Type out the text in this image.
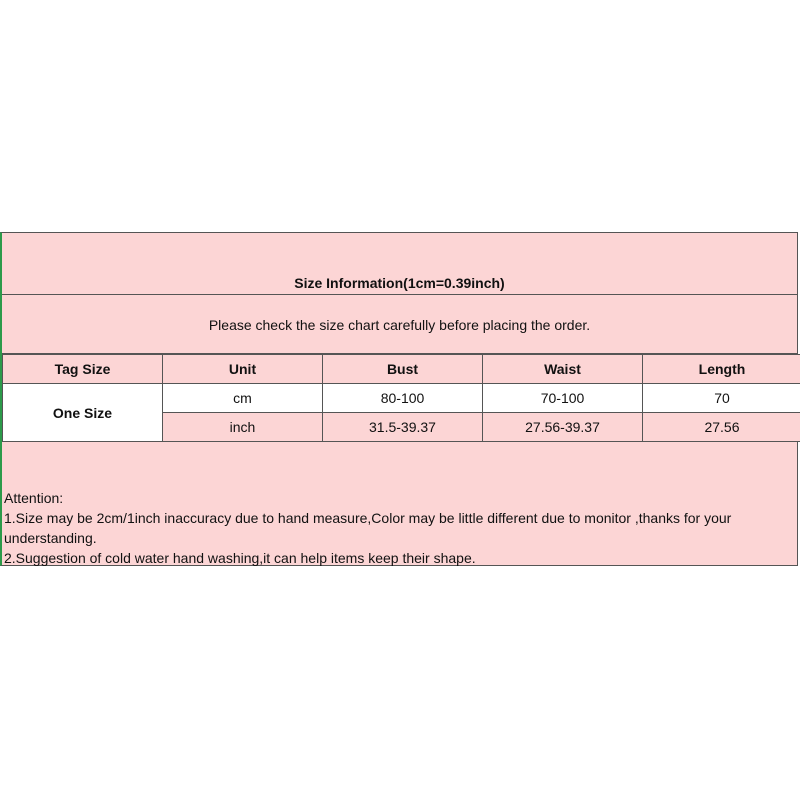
Size Information(1cm=0.39inch)
Please check the size chart carefully before placing the order.
Tag Size	Unit	Bust	Waist	Length
One Size	cm	80-100	70-100	70
	inch	31.5-39.37	27.56-39.37	27.56
Attention:
1.Size may be 2cm/1inch inaccuracy due to hand measure,Color may be little different due to monitor ,thanks for your understanding.
2.Suggestion of cold water hand washing,it can help items keep their shape.
